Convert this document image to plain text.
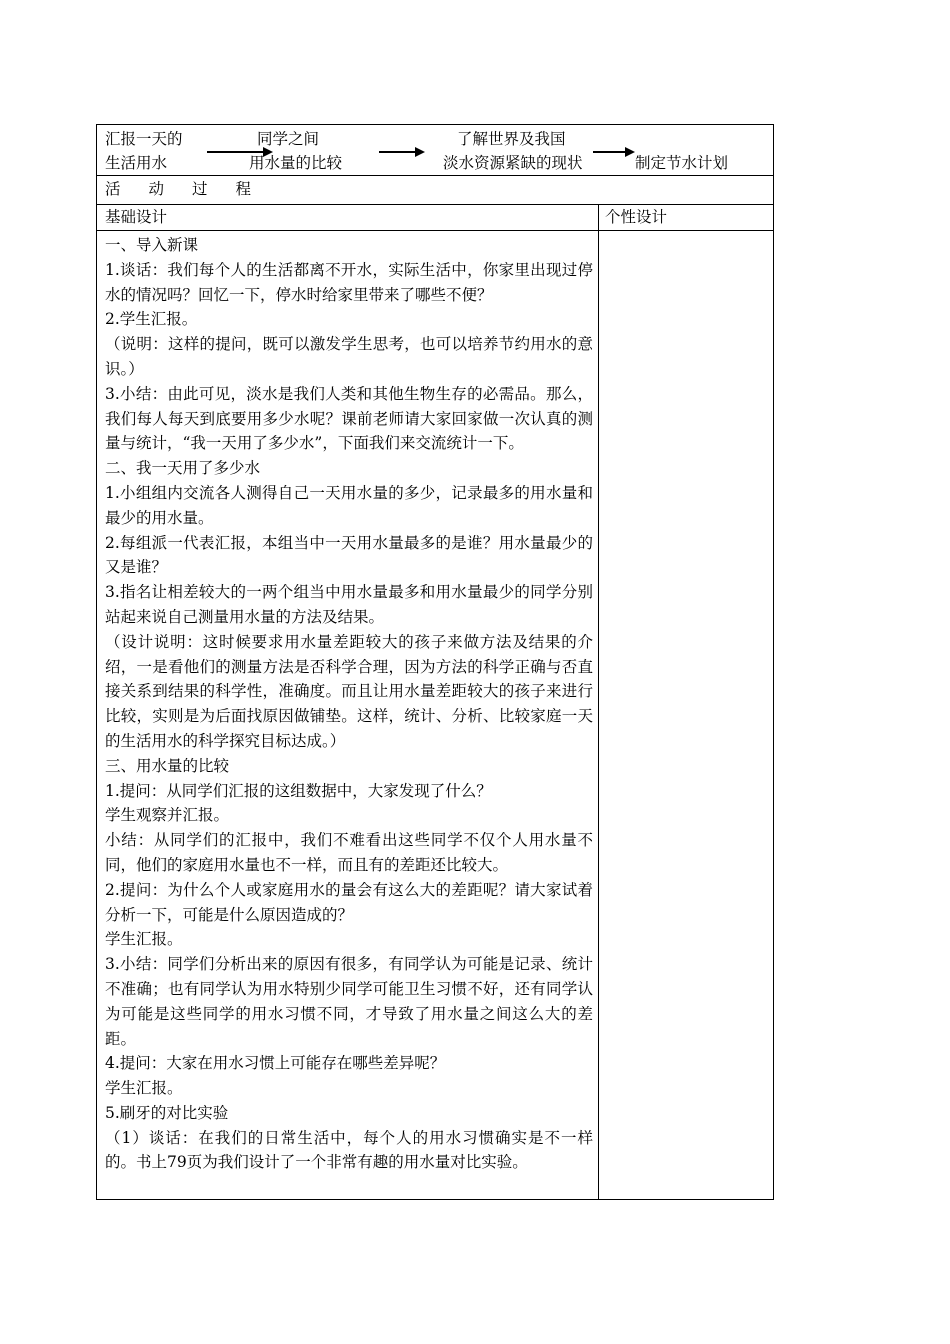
汇报一天的
生活用水
同学之间
用水量的比较
了解世界及我国
淡水资源紧缺的现状	制定节水计划
活 动 过 程
基础设计	个性设计

一、导入新课

1.谈话：我们每个人的生活都离不开水，实际生活中，你家里出现过停水的情况吗？回忆一下，停水时给家里带来了哪些不便？

2.学生汇报。

（说明：这样的提问，既可以激发学生思考，也可以培养节约用水的意识。）

3.小结：由此可见，淡水是我们人类和其他生物生存的必需品。那么，我们每人每天到底要用多少水呢？课前老师请大家回家做一次认真的测量与统计，“我一天用了多少水”，下面我们来交流统计一下。

二、我一天用了多少水

1.小组组内交流各人测得自己一天用水量的多少，记录最多的用水量和最少的用水量。

2.每组派一代表汇报，本组当中一天用水量最多的是谁？用水量最少的又是谁？

3.指名让相差较大的一两个组当中用水量最多和用水量最少的同学分别站起来说自己测量用水量的方法及结果。

（设计说明：这时候要求用水量差距较大的孩子来做方法及结果的介绍，一是看他们的测量方法是否科学合理，因为方法的科学正确与否直接关系到结果的科学性，准确度。而且让用水量差距较大的孩子来进行比较，实则是为后面找原因做铺垫。这样，统计、分析、比较家庭一天的生活用水的科学探究目标达成。）

三、用水量的比较

1.提问：从同学们汇报的这组数据中，大家发现了什么？

学生观察并汇报。

小结：从同学们的汇报中，我们不难看出这些同学不仅个人用水量不同，他们的家庭用水量也不一样，而且有的差距还比较大。

2.提问：为什么个人或家庭用水的量会有这么大的差距呢？请大家试着分析一下，可能是什么原因造成的？

学生汇报。

3.小结：同学们分析出来的原因有很多，有同学认为可能是记录、统计不准确；也有同学认为用水特别少同学可能卫生习惯不好，还有同学认为可能是这些同学的用水习惯不同，才导致了用水量之间这么大的差距。

4.提问：大家在用水习惯上可能存在哪些差异呢？

学生汇报。

5.刷牙的对比实验

（1）谈话：在我们的日常生活中，每个人的用水习惯确实是不一样的。书上79页为我们设计了一个非常有趣的用水量对比实验。
